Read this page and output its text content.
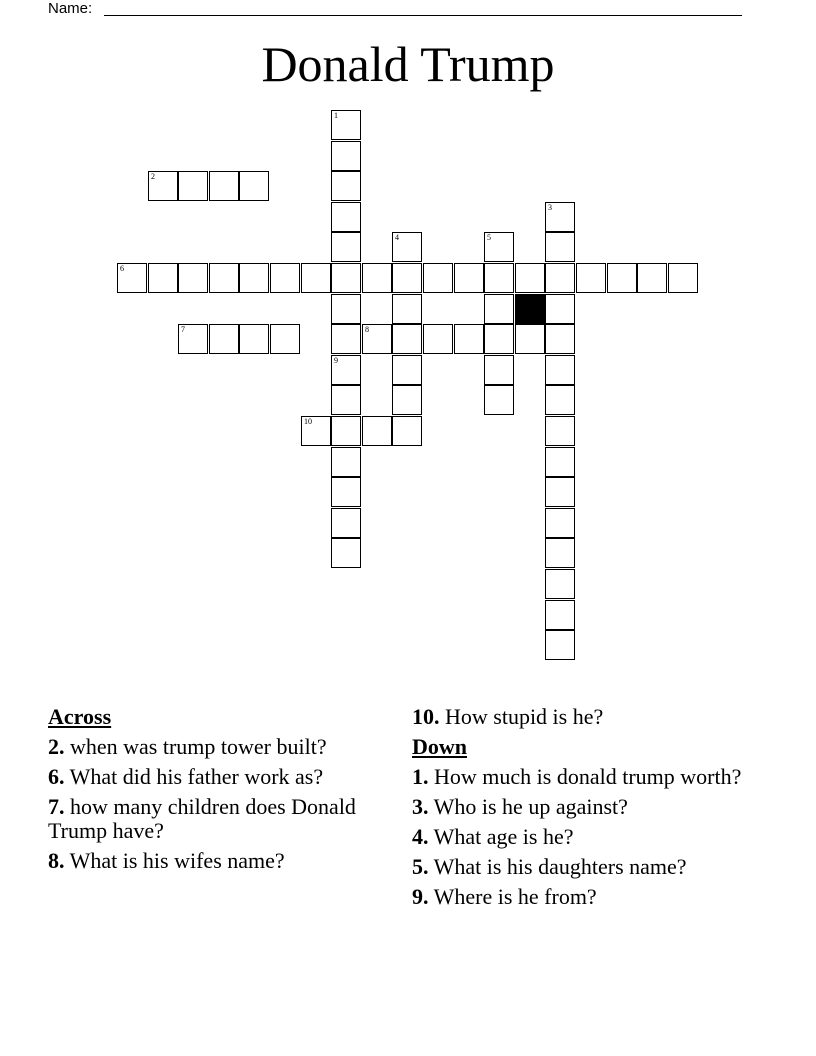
Name:
Donald Trump
1
9
2
3
4	5
6
7	8
10
Across
2. when was trump tower built?
6. What did his father work as?
7. how many children does Donald Trump have?
8. What is his wifes name?
10. How stupid is he?
Down
1. How much is donald trump worth?
3. Who is he up against?
4. What age is he?
5. What is his daughters name?
9. Where is he from?
